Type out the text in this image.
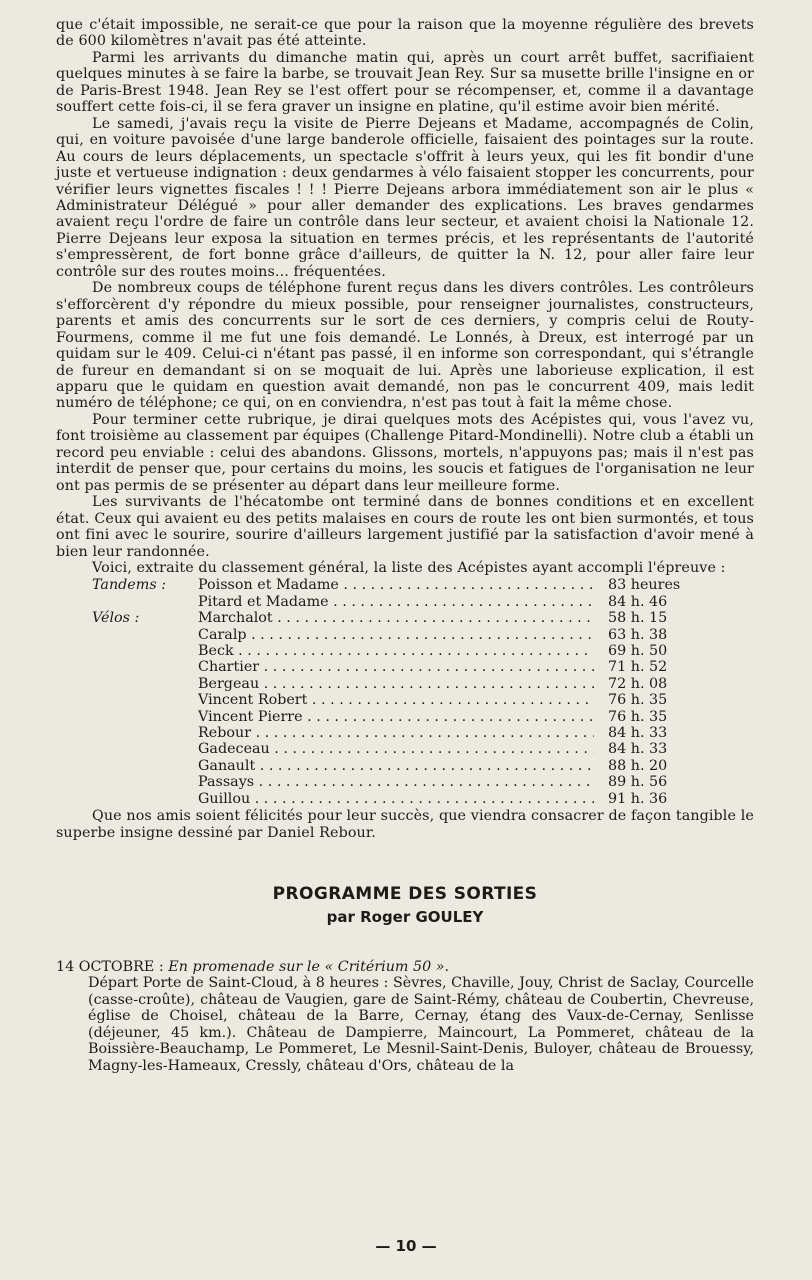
que c'était impossible, ne serait-ce que pour la raison que la moyenne régulière des brevets de 600 kilomètres n'avait pas été atteinte.

Parmi les arrivants du dimanche matin qui, après un court arrêt buffet, sacrifiaient quelques minutes à se faire la barbe, se trouvait Jean Rey. Sur sa musette brille l'insigne en or de Paris-Brest 1948. Jean Rey se l'est offert pour se récompenser, et, comme il a davantage souffert cette fois-ci, il se fera graver un insigne en platine, qu'il estime avoir bien mérité.

Le samedi, j'avais reçu la visite de Pierre Dejeans et Madame, accompagnés de Colin, qui, en voiture pavoisée d'une large banderole officielle, faisaient des pointages sur la route. Au cours de leurs déplacements, un spectacle s'offrit à leurs yeux, qui les fit bondir d'une juste et vertueuse indignation : deux gendarmes à vélo faisaient stopper les concurrents, pour vérifier leurs vignettes fiscales ! ! ! Pierre Dejeans arbora immédiatement son air le plus « Administrateur Délégué » pour aller demander des explications. Les braves gendarmes avaient reçu l'ordre de faire un contrôle dans leur secteur, et avaient choisi la Nationale 12. Pierre Dejeans leur exposa la situation en termes précis, et les représentants de l'autorité s'empressèrent, de fort bonne grâce d'ailleurs, de quitter la N. 12, pour aller faire leur contrôle sur des routes moins... fréquentées.

De nombreux coups de téléphone furent reçus dans les divers contrôles. Les contrôleurs s'efforcèrent d'y répondre du mieux possible, pour renseigner journalistes, constructeurs, parents et amis des concurrents sur le sort de ces derniers, y compris celui de Routy-Fourmens, comme il me fut une fois demandé. Le Lonnés, à Dreux, est interrogé par un quidam sur le 409. Celui-ci n'étant pas passé, il en informe son correspondant, qui s'étrangle de fureur en demandant si on se moquait de lui. Après une laborieuse explication, il est apparu que le quidam en question avait demandé, non pas le concurrent 409, mais ledit numéro de téléphone; ce qui, on en conviendra, n'est pas tout à fait la même chose.

Pour terminer cette rubrique, je dirai quelques mots des Acépistes qui, vous l'avez vu, font troisième au classement par équipes (Challenge Pitard-Mondinelli). Notre club a établi un record peu enviable : celui des abandons. Glissons, mortels, n'appuyons pas; mais il n'est pas interdit de penser que, pour certains du moins, les soucis et fatigues de l'organisation ne leur ont pas permis de se présenter au départ dans leur meilleure forme.

Les survivants de l'hécatombe ont terminé dans de bonnes conditions et en excellent état. Ceux qui avaient eu des petits malaises en cours de route les ont bien surmontés, et tous ont fini avec le sourire, sourire d'ailleurs largement justifié par la satisfaction d'avoir mené à bien leur randonnée.

Voici, extraite du classement général, la liste des Acépistes ayant accompli l'épreuve :

Tandems :	Poisson et Madame . . .	83 heures
Pitard et Madame . . .	84 h. 46
Vélos :	Marchalot . . .	58 h. 15
Caralp . . .	63 h. 38
Beck . . .	69 h. 50
Chartier . . .	71 h. 52
Bergeau . . .	72 h. 08
Vincent Robert . . .	76 h. 35
Vincent Pierre . . .	76 h. 35
Rebour . . .	84 h. 33
Gadeceau . . .	84 h. 33
Ganault . . .	88 h. 20
Passays . . .	89 h. 56
Guillou . . .	91 h. 36

Que nos amis soient félicités pour leur succès, que viendra consacrer de façon tangible le superbe insigne dessiné par Daniel Rebour.

PROGRAMME DES SORTIES
par Roger GOULEY
14 OCTOBRE : En promenade sur le « Critérium 50 ».
Départ Porte de Saint-Cloud, à 8 heures : Sèvres, Chaville, Jouy, Christ de Saclay, Courcelle (casse-croûte), château de Vaugien, gare de Saint-Rémy, château de Coubertin, Chevreuse, église de Choisel, château de la Barre, Cernay, étang des Vaux-de-Cernay, Senlisse (déjeuner, 45 km.). Château de Dampierre, Maincourt, La Pommeret, château de la Boissière-Beauchamp, Le Pommeret, Le Mesnil-Saint-Denis, Buloyer, château de Brouessy, Magny-les-Hameaux, Cressly, château d'Ors, château de la
— 10 —
